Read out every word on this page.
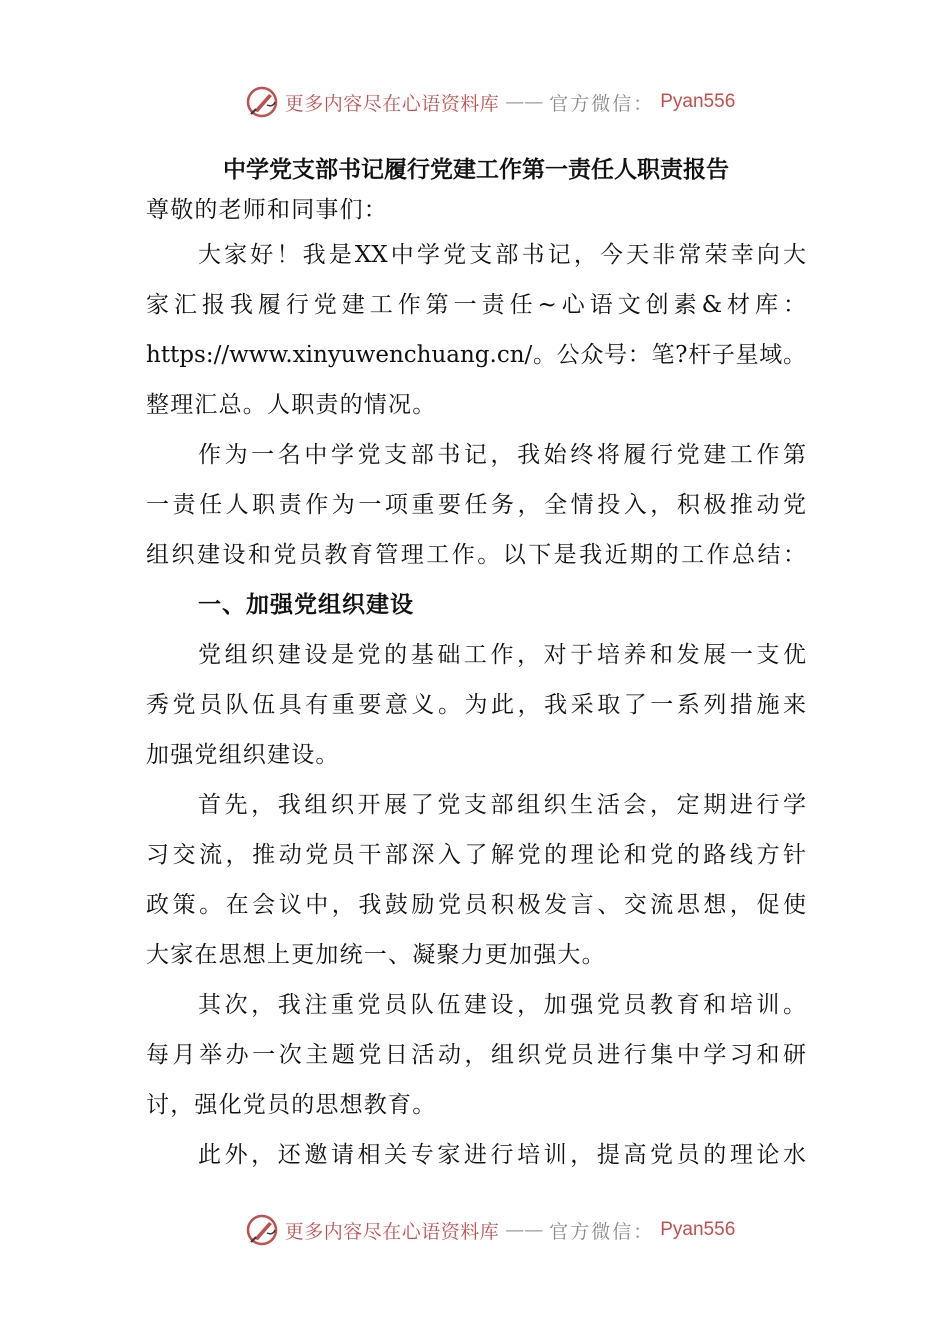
更多内容尽在心语资料库 —— 官方微信： Pyan556
中学党支部书记履行党建工作第一责任人职责报告
尊敬的老师和同事们：
大家好！我是XX中学党支部书记，今天非常荣幸向大
家汇报我履行党建工作第一责任~心语文创素&材库：
https://www.xinyuwenchuang.cn/。公众号：笔?杆子星域。
整理汇总。人职责的情况。
作为一名中学党支部书记，我始终将履行党建工作第
一责任人职责作为一项重要任务，全情投入，积极推动党
组织建设和党员教育管理工作。以下是我近期的工作总结：
一、加强党组织建设
党组织建设是党的基础工作，对于培养和发展一支优
秀党员队伍具有重要意义。为此，我采取了一系列措施来
加强党组织建设。
首先，我组织开展了党支部组织生活会，定期进行学
习交流，推动党员干部深入了解党的理论和党的路线方针
政策。在会议中，我鼓励党员积极发言、交流思想，促使
大家在思想上更加统一、凝聚力更加强大。
其次，我注重党员队伍建设，加强党员教育和培训。
每月举办一次主题党日活动，组织党员进行集中学习和研
讨，强化党员的思想教育。
此外，还邀请相关专家进行培训，提高党员的理论水
更多内容尽在心语资料库 —— 官方微信： Pyan556
